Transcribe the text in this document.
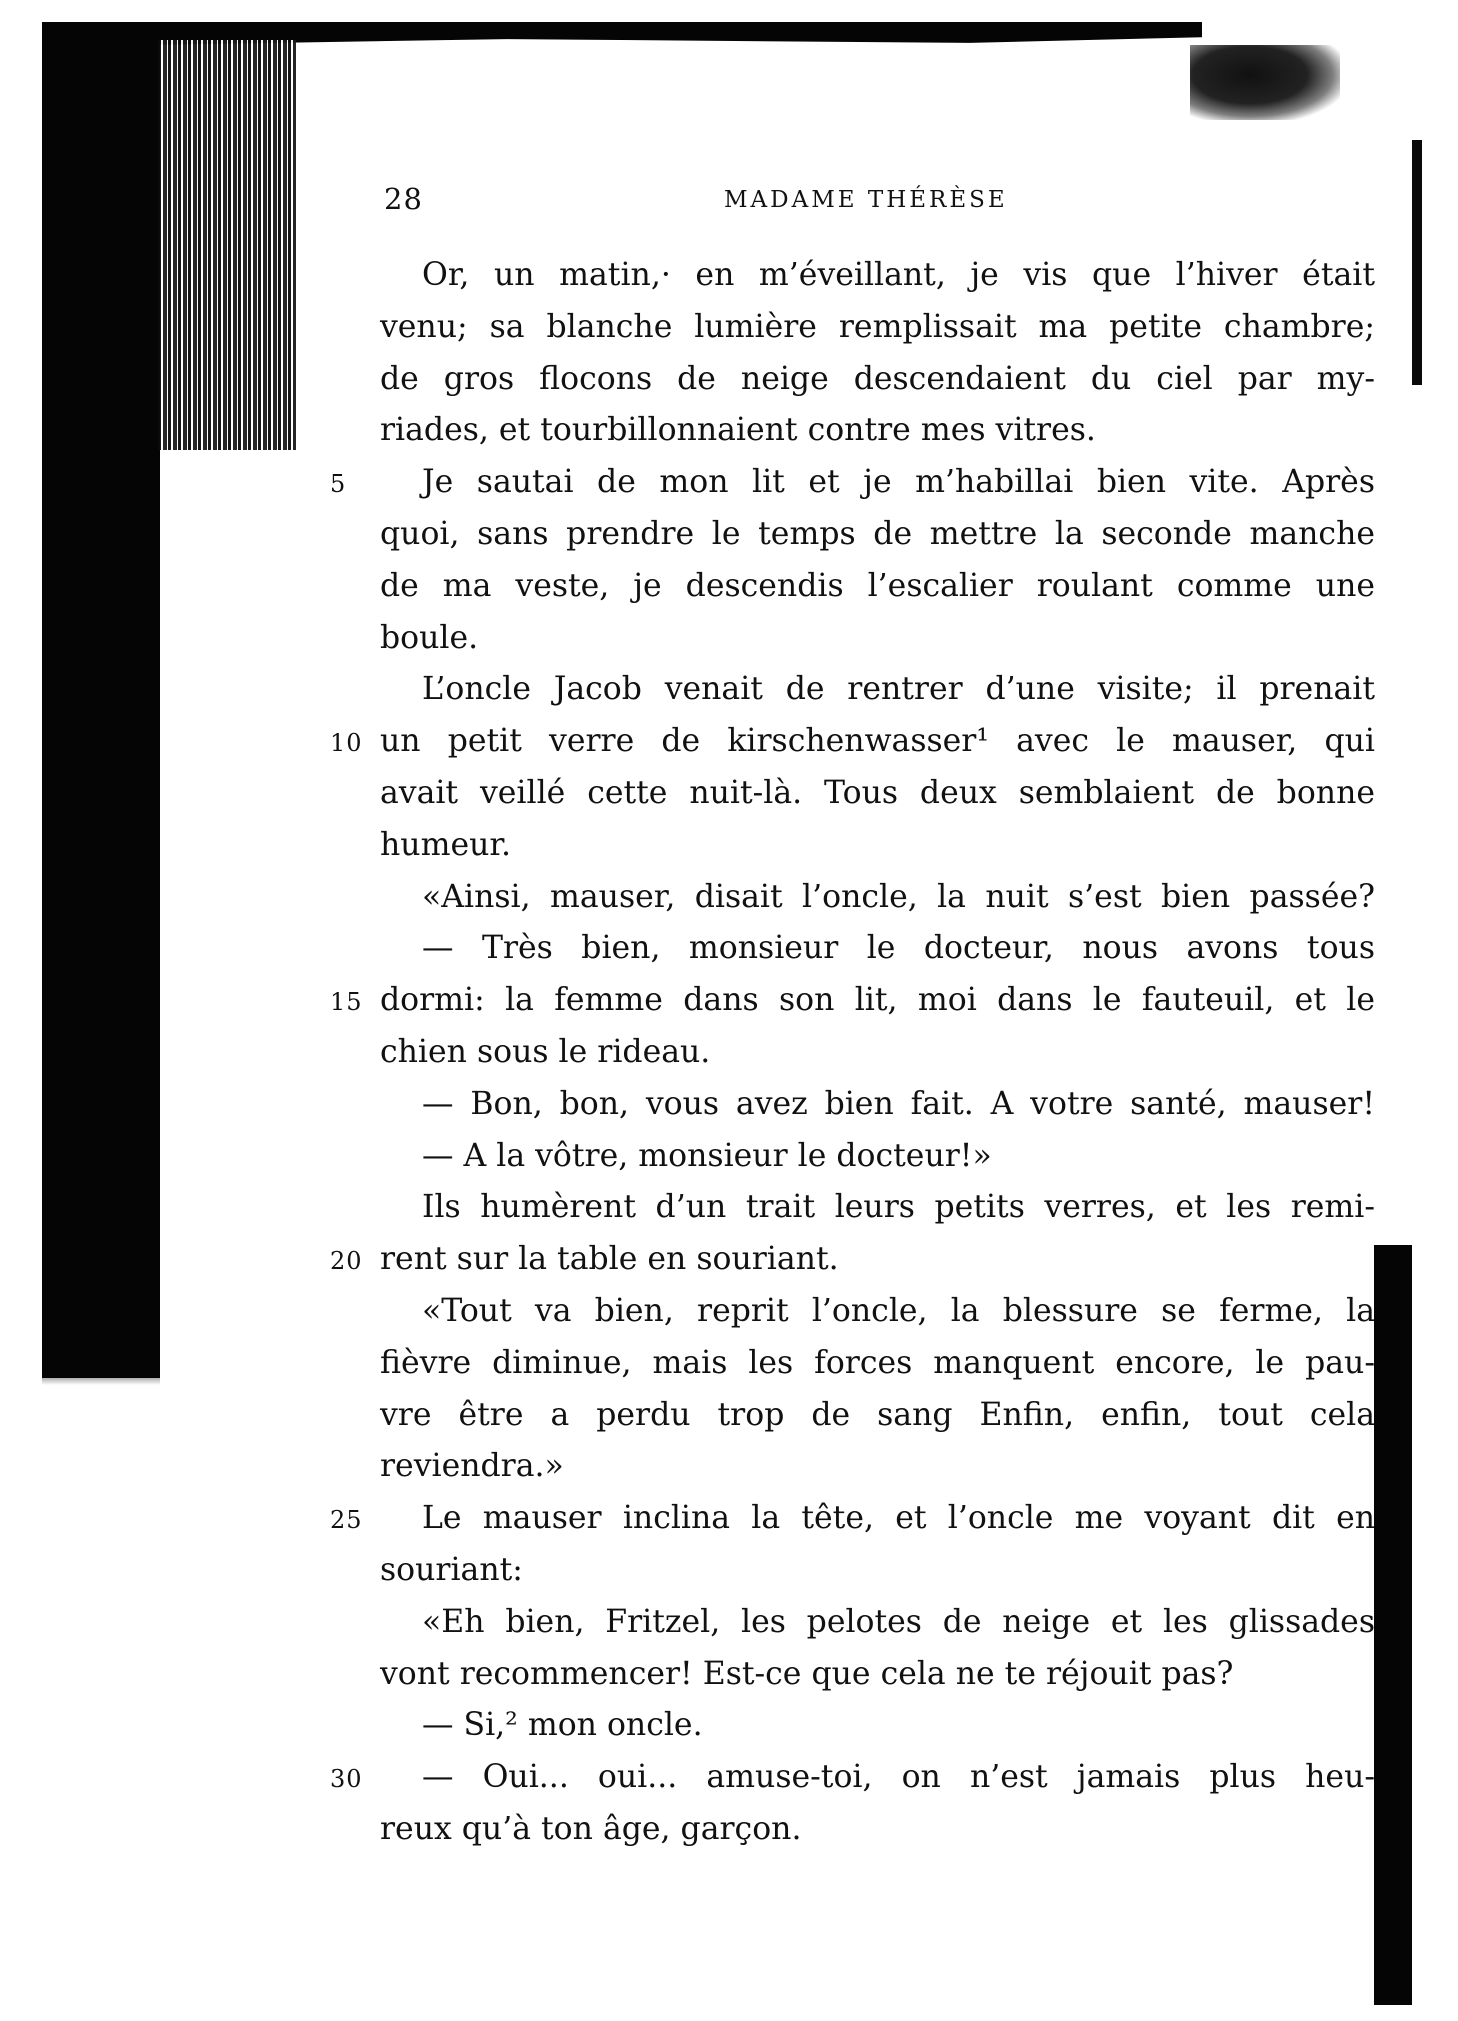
28	MADAME THÉRÈSE
Or, un matin,· en m’éveillant, je vis que l’hiver était
venu; sa blanche lumière remplissait ma petite chambre;
de gros flocons de neige descendaient du ciel par my-
riades, et tourbillonnaient contre mes vitres.
5	Je sautai de mon lit et je m’habillai bien vite. Après
quoi, sans prendre le temps de mettre la seconde manche
de ma veste, je descendis l’escalier roulant comme une
boule.
L’oncle Jacob venait de rentrer d’une visite; il prenait
10 un petit verre de kirschenwasser¹ avec le mauser, qui
avait veillé cette nuit-là. Tous deux semblaient de bonne
humeur.
«Ainsi, mauser, disait l’oncle, la nuit s’est bien passée?
— Très bien, monsieur le docteur, nous avons tous
15 dormi: la femme dans son lit, moi dans le fauteuil, et le
chien sous le rideau.
— Bon, bon, vous avez bien fait. A votre santé, mauser!
— A la vôtre, monsieur le docteur!»
Ils humèrent d’un trait leurs petits verres, et les remi-
20 rent sur la table en souriant.
«Tout va bien, reprit l’oncle, la blessure se ferme, la
fièvre diminue, mais les forces manquent encore, le pau-
vre être a perdu trop de sang Enfin, enfin, tout cela
reviendra.»
25	Le mauser inclina la tête, et l’oncle me voyant dit en
souriant:
«Eh bien, Fritzel, les pelotes de neige et les glissades
vont recommencer! Est-ce que cela ne te réjouit pas?
— Si,² mon oncle.
30	— Oui... oui... amuse-toi, on n’est jamais plus heu-
reux qu’à ton âge, garçon.
